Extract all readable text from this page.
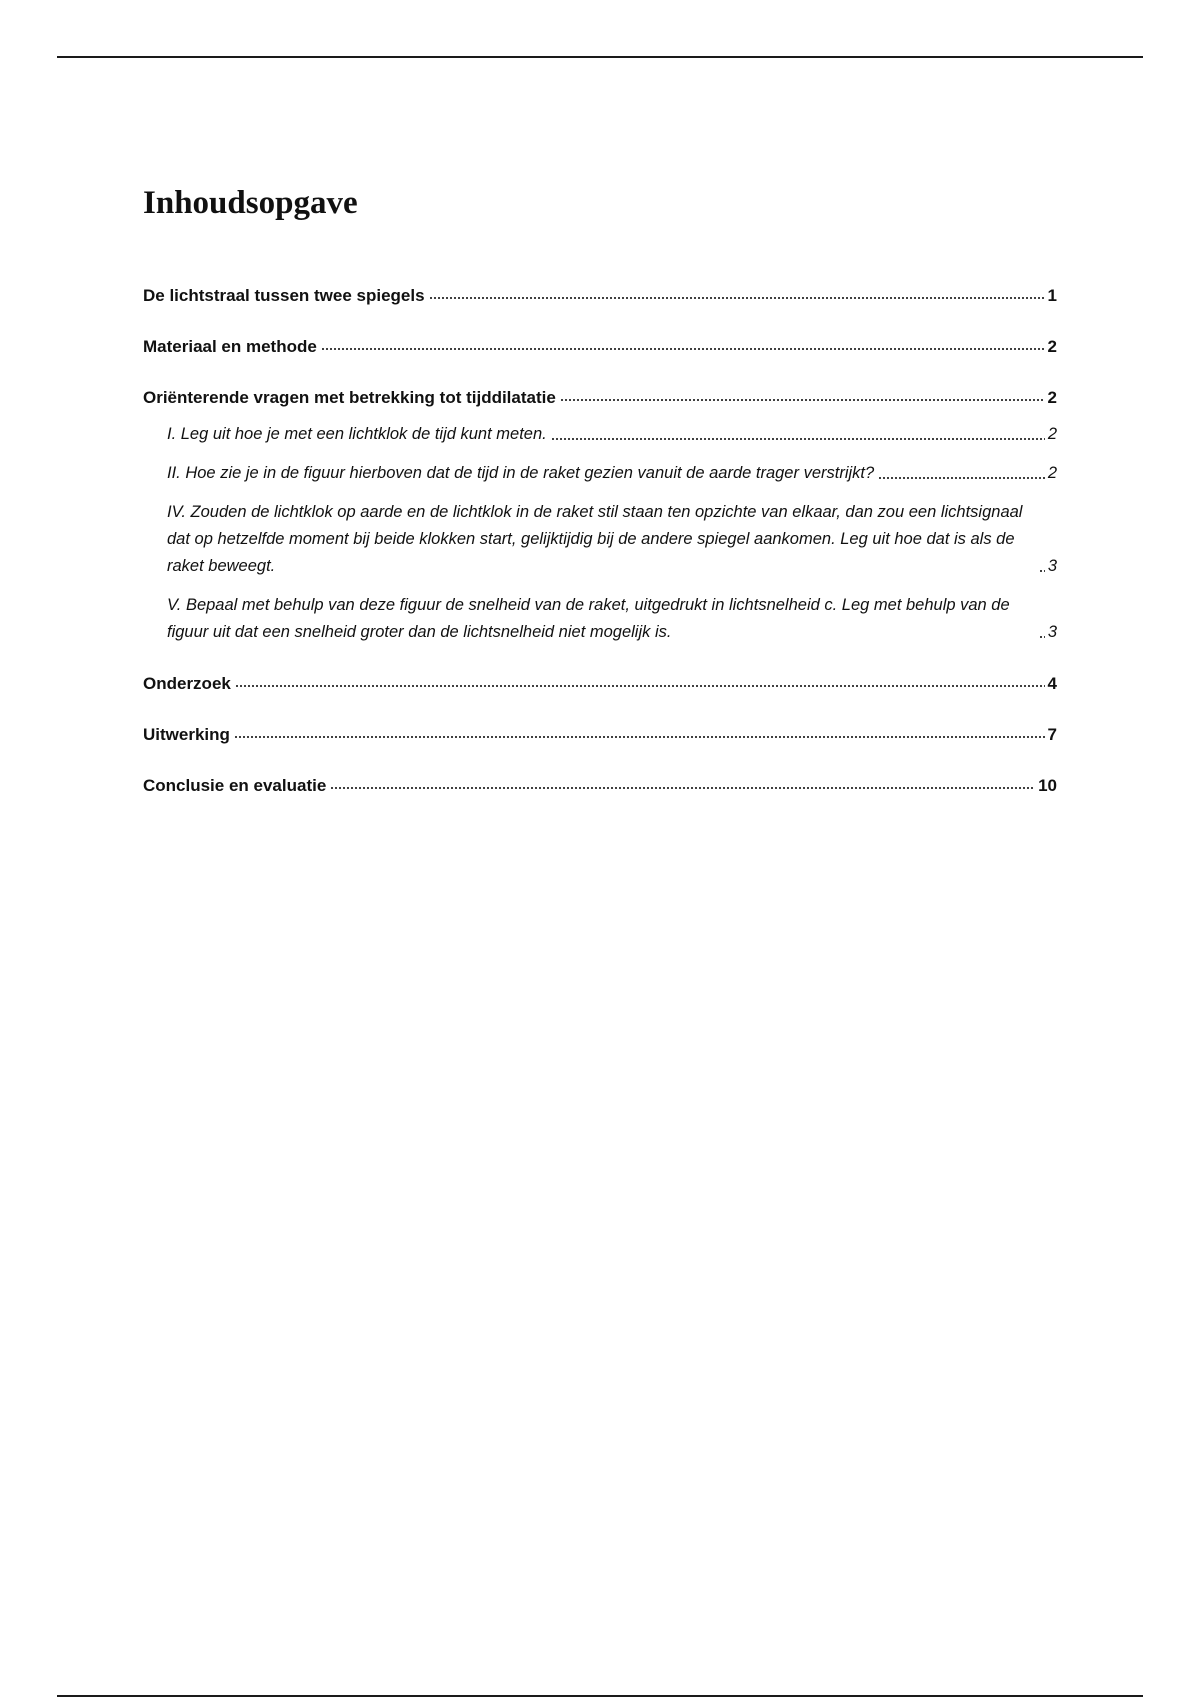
Inhoudsopgave
De lichtstraal tussen twee spiegels	1
Materiaal en methode	2
Oriënterende vragen met betrekking tot tijddilatatie	2
I. Leg uit hoe je met een lichtklok de tijd kunt meten.	2
II. Hoe zie je in de figuur hierboven dat de tijd in de raket gezien vanuit de aarde trager verstrijkt?	2
IV. Zouden de lichtklok op aarde en de lichtklok in de raket stil staan ten opzichte van elkaar, dan zou een lichtsignaal dat op hetzelfde moment bij beide klokken start, gelijktijdig bij de andere spiegel aankomen. Leg uit hoe dat is als de raket beweegt.	3
V. Bepaal met behulp van deze figuur de snelheid van de raket, uitgedrukt in lichtsnelheid c. Leg met behulp van de figuur uit dat een snelheid groter dan de lichtsnelheid niet mogelijk is.	3
Onderzoek	4
Uitwerking	7
Conclusie en evaluatie	10
